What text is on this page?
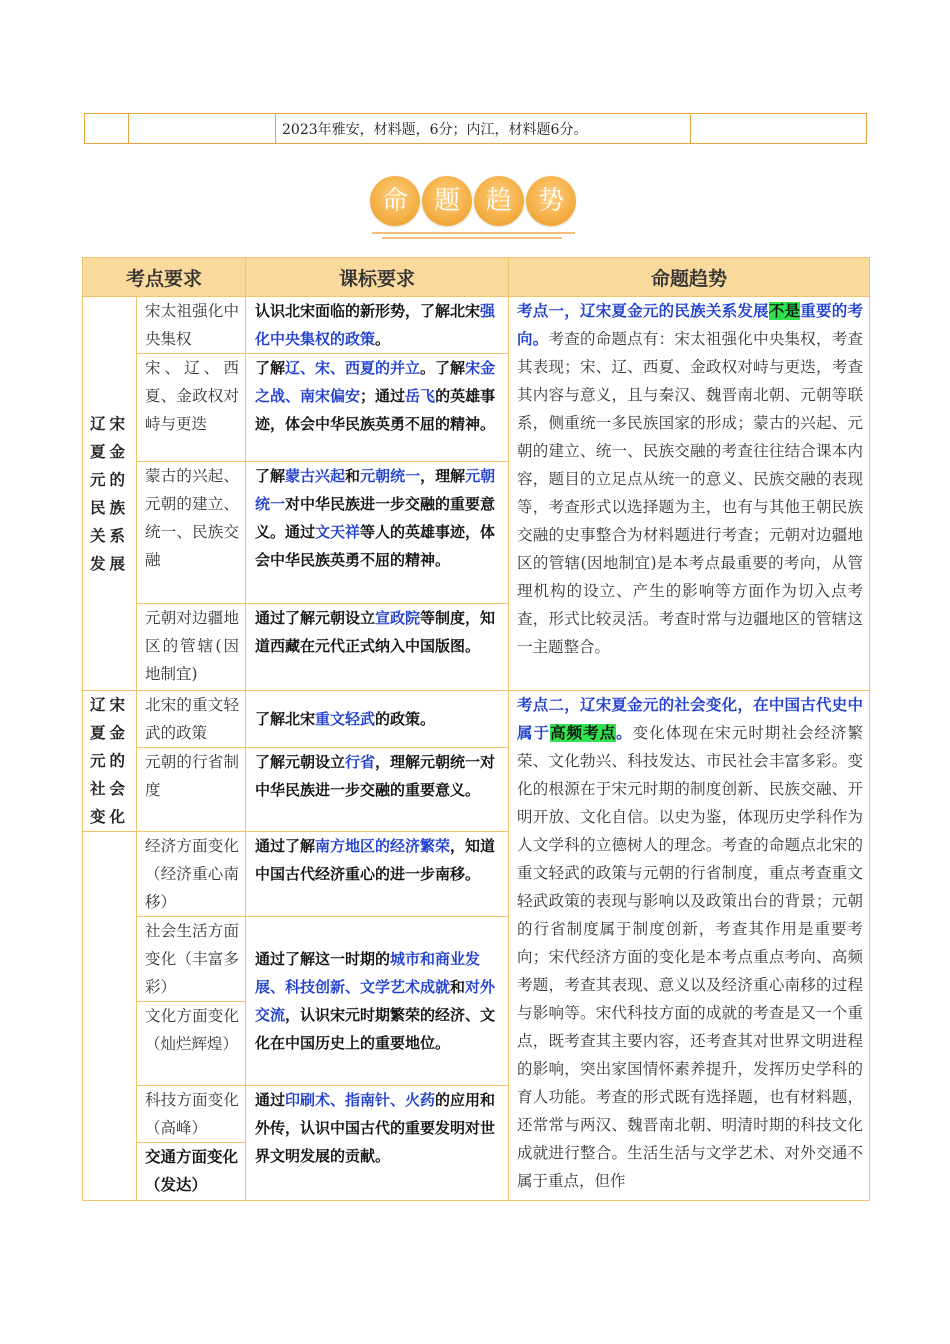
		2023年雅安，材料题，6分；内江，材料题6分。	
命 题 趋 势
考点要求		课标要求	命题趋势
辽宋夏金元的民族关系发展	宋太祖强化中央集权	认识北宋面临的新形势，了解北宋强化中央集权的政策。	考点一，辽宋夏金元的民族关系发展不是重要的考向。考查的命题点有：宋太祖强化中央集权，考查其表现；宋、辽、西夏、金政权对峙与更迭，考查其内容与意义，且与秦汉、魏晋南北朝、元朝等联系，侧重统一多民族国家的形成；蒙古的兴起、元朝的建立、统一、民族交融的考查往往结合课本内容，题目的立足点从统一的意义、民族交融的表现等，考查形式以选择题为主，也有与其他王朝民族交融的史事整合为材料题进行考查；元朝对边疆地区的管辖(因地制宜)是本考点最重要的考向，从管理机构的设立、产生的影响等方面作为切入点考查，形式比较灵活。考查时常与边疆地区的管辖这一主题整合。
	宋、辽、西夏、金政权对峙与更迭	了解辽、宋、西夏的并立。了解宋金之战、南宋偏安；通过岳飞的英雄事迹，体会中华民族英勇不屈的精神。	
	蒙古的兴起、元朝的建立、统一、民族交融	了解蒙古兴起和元朝统一，理解元朝统一对中华民族进一步交融的重要意义。通过文天祥等人的英雄事迹，体会中华民族英勇不屈的精神。	
	元朝对边疆地区的管辖(因地制宜)	通过了解元朝设立宣政院等制度，知道西藏在元代正式纳入中国版图。	
辽宋夏金元的社会变化	北宋的重文轻武的政策	了解北宋重文轻武的政策。	考点二，辽宋夏金元的社会变化，在中国古代史中属于高频考点。变化体现在宋元时期社会经济繁荣、文化勃兴、科技发达、市民社会丰富多彩。变化的根源在于宋元时期的制度创新、民族交融、开明开放、文化自信。以史为鉴，体现历史学科作为人文学科的立德树人的理念。考查的命题点北宋的重文轻武的政策与元朝的行省制度，重点考查重文轻武政策的表现与影响以及政策出台的背景；元朝的行省制度属于制度创新，考查其作用是重要考向；宋代经济方面的变化是本考点重点考向、高频考题，考查其表现、意义以及经济重心南移的过程与影响等。宋代科技方面的成就的考查是又一个重点，既考查其主要内容，还考查其对世界文明进程的影响，突出家国情怀素养提升，发挥历史学科的育人功能。考查的形式既有选择题，也有材料题，还常常与两汉、魏晋南北朝、明清时期的科技文化成就进行整合。生活生活与文学艺术、对外交通不属于重点，但作
	元朝的行省制度	了解元朝设立行省，理解元朝统一对中华民族进一步交融的重要意义。	
	经济方面变化（经济重心南移）	通过了解南方地区的经济繁荣，知道中国古代经济重心的进一步南移。	
	社会生活方面变化（丰富多彩）	通过了解这一时期的城市和商业发展、科技创新、文学艺术成就和对外交流，认识宋元时期繁荣的经济、文化在中国历史上的重要地位。	
	文化方面变化（灿烂辉煌）		
	科技方面变化（高峰）	通过印刷术、指南针、火药的应用和外传，认识中国古代的重要发明对世界文明发展的贡献。	
	交通方面变化（发达）		
